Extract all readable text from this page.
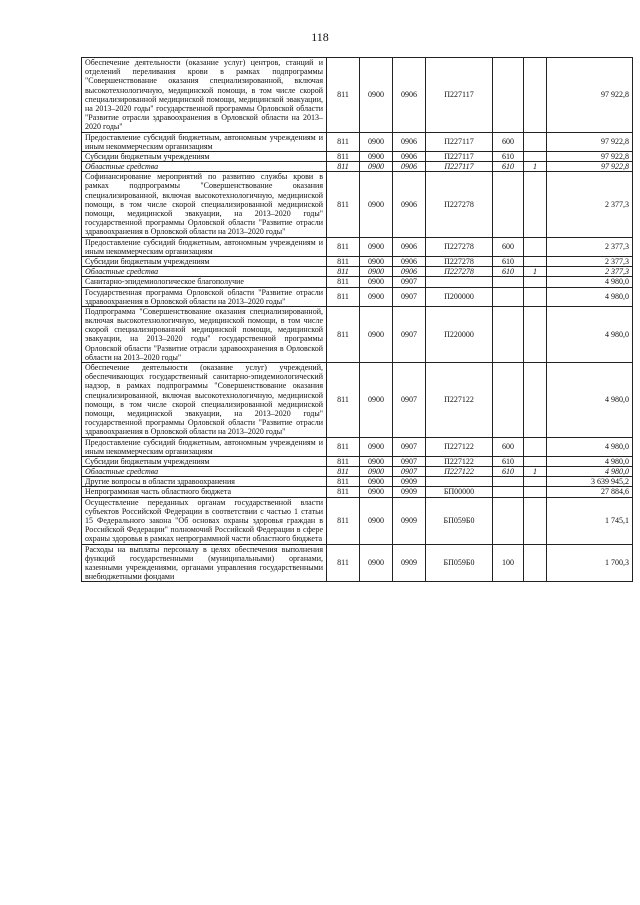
118
Обеспечение деятельности (оказание услуг) центров, станций и отделений переливания крови в рамках подпрограммы "Совершенствование оказания специализированной, включая высокотехнологичную, медицинской помощи, в том числе скорой специализированной медицинской помощи, медицинской эвакуации, на 2013–2020 годы" государственной программы Орловской области "Развитие отрасли здравоохранения в Орловской области на 2013–2020 годы"	811	0900	0906	П227117			97 922,8
Предоставление субсидий бюджетным, автономным учреждениям и иным некоммерческим организациям	811	0900	0906	П227117	600		97 922,8
Субсидии бюджетным учреждениям	811	0900	0906	П227117	610		97 922,8
Областные средства	811	0900	0906	П227117	610	1	97 922,8
Софинансирование мероприятий по развитию службы крови в рамках подпрограммы "Совершенствование оказания специализированной, включая высокотехнологичную, медицинской помощи, в том числе скорой специализированной медицинской помощи, медицинской эвакуации, на 2013–2020 годы" государственной программы Орловской области "Развитие отрасли здравоохранения в Орловской области на 2013–2020 годы"	811	0900	0906	П227278			2 377,3
Предоставление субсидий бюджетным, автономным учреждениям и иным некоммерческим организациям	811	0900	0906	П227278	600		2 377,3
Субсидии бюджетным учреждениям	811	0900	0906	П227278	610		2 377,3
Областные средства	811	0900	0906	П227278	610	1	2 377,3
Санитарно-эпидемиологическое благополучие	811	0900	0907				4 980,0
Государственная программа Орловской области "Развитие отрасли здравоохранения в Орловской области на 2013–2020 годы"	811	0900	0907	П200000			4 980,0
Подпрограмма "Совершенствование оказания специализированной, включая высокотехнологичную, медицинской помощи, в том числе скорой специализированной медицинской помощи, медицинской эвакуации, на 2013–2020 годы" государственной программы Орловской области "Развитие отрасли здравоохранения в Орловской области на 2013–2020 годы"	811	0900	0907	П220000			4 980,0
Обеспечение деятельности (оказание услуг) учреждений, обеспечивающих государственный санитарно-эпидемиологический надзор, в рамках подпрограммы "Совершенствование оказания специализированной, включая высокотехнологичную, медицинской помощи, в том числе скорой специализированной медицинской помощи, медицинской эвакуации, на 2013–2020 годы" государственной программы Орловской области "Развитие отрасли здравоохранения в Орловской области на 2013–2020 годы"	811	0900	0907	П227122			4 980,0
Предоставление субсидий бюджетным, автономным учреждениям и иным некоммерческим организациям	811	0900	0907	П227122	600		4 980,0
Субсидии бюджетным учреждениям	811	0900	0907	П227122	610		4 980,0
Областные средства	811	0900	0907	П227122	610	1	4 980,0
Другие вопросы в области здравоохранения	811	0900	0909				3 639 945,2
Непрограммная часть областного бюджета	811	0900	0909	БП00000			27 884,6
Осуществление переданных органам государственной власти субъектов Российской Федерации в соответствии с частью 1 статьи 15 Федерального закона "Об основах охраны здоровья граждан в Российской Федерации" полномочий Российской Федерации в сфере охраны здоровья в рамках непрограммной части областного бюджета	811	0900	0909	БП059Б0			1 745,1
Расходы на выплаты персоналу в целях обеспечения выполнения функций государственными (муниципальными) органами, казенными учреждениями, органами управления государственными внебюджетными фондами	811	0900	0909	БП059Б0	100		1 700,3
